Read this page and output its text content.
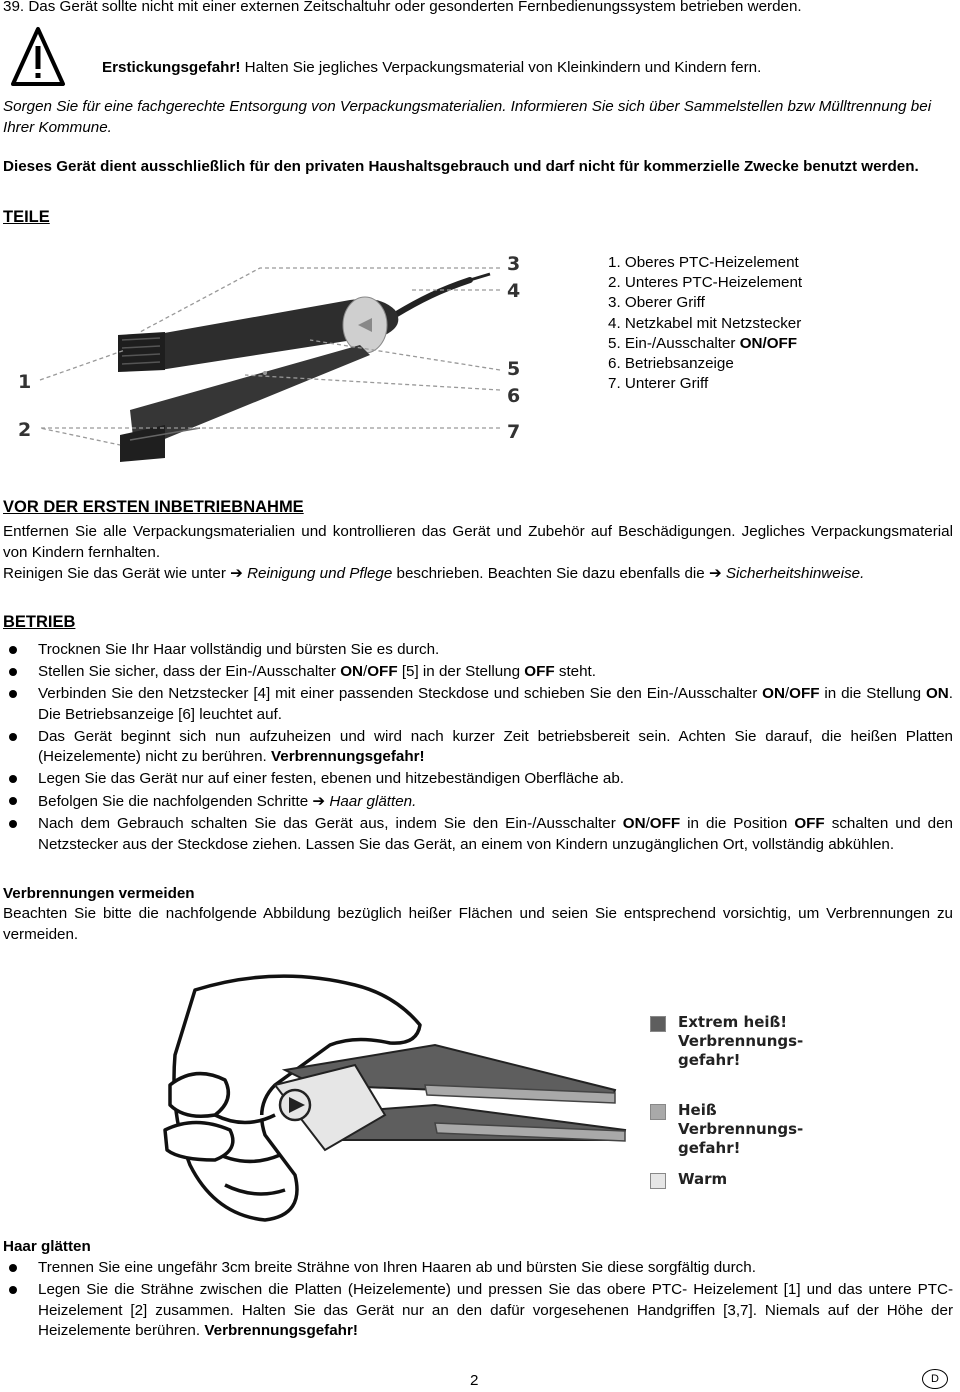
39. Das Gerät sollte nicht mit einer externen Zeitschaltuhr oder gesonderten Fernbedienungssystem betrieben werden.

Erstickungsgefahr! Halten Sie jegliches Verpackungsmaterial von Kleinkindern und Kindern fern.

Sorgen Sie für eine fachgerechte Entsorgung von Verpackungsmaterialien. Informieren Sie sich über Sammelstellen bzw Mülltrennung bei Ihrer Kommune.

Dieses Gerät dient ausschließlich für den privaten Haushaltsgebrauch und darf nicht für kommerzielle Zwecke benutzt werden.

TEILE

3
4
1
5
6
2	7
1. Oberes PTC-Heizelement
2. Unteres PTC-Heizelement
3. Oberer Griff
4. Netzkabel mit Netzstecker
5. Ein-/Ausschalter ON/OFF
6. Betriebsanzeige
7. Unterer Griff

VOR DER ERSTEN INBETRIEBNAHME

Entfernen Sie alle Verpackungsmaterialien und kontrollieren das Gerät und Zubehör auf Beschädigungen. Jegliches Verpackungsmaterial von Kindern fernhalten.

Reinigen Sie das Gerät wie unter ➔ Reinigung und Pflege beschrieben. Beachten Sie dazu ebenfalls die ➔ Sicherheitshinweise.

BETRIEB

Trocknen Sie Ihr Haar vollständig und bürsten Sie es durch.
Stellen Sie sicher, dass der Ein-/Ausschalter ON/OFF [5] in der Stellung OFF steht.
Verbinden Sie den Netzstecker [4] mit einer passenden Steckdose und schieben Sie den Ein-/Ausschalter ON/OFF in die Stellung ON. Die Betriebsanzeige [6] leuchtet auf.
Das Gerät beginnt sich nun aufzuheizen und wird nach kurzer Zeit betriebsbereit sein. Achten Sie darauf, die heißen Platten (Heizelemente) nicht zu berühren. Verbrennungsgefahr!
Legen Sie das Gerät nur auf einer festen, ebenen und hitzebeständigen Oberfläche ab.
Befolgen Sie die nachfolgenden Schritte ➔ Haar glätten.
Nach dem Gebrauch schalten Sie das Gerät aus, indem Sie den Ein-/Ausschalter ON/OFF in die Position OFF schalten und den Netzstecker aus der Steckdose ziehen. Lassen Sie das Gerät, an einem von Kindern unzugänglichen Ort, vollständig abkühlen.

Verbrennungen vermeiden

Beachten Sie bitte die nachfolgende Abbildung bezüglich heißer Flächen und seien Sie entsprechend vorsichtig, um Verbrennungen zu vermeiden.

Extrem heiß! Verbrennungs-gefahr!
Heiß Verbrennungs-gefahr!
Warm

Haar glätten

Trennen Sie eine ungefähr 3cm breite Strähne von Ihren Haaren ab und bürsten Sie diese sorgfältig durch.
Legen Sie die Strähne zwischen die Platten (Heizelemente) und pressen Sie das obere PTC- Heizelement [1] und das untere PTC- Heizelement [2] zusammen. Halten Sie das Gerät nur an den dafür vorgesehenen Handgriffen [3,7]. Niemals auf der Höhe der Heizelemente berühren. Verbrennungsgefahr!

2	D
